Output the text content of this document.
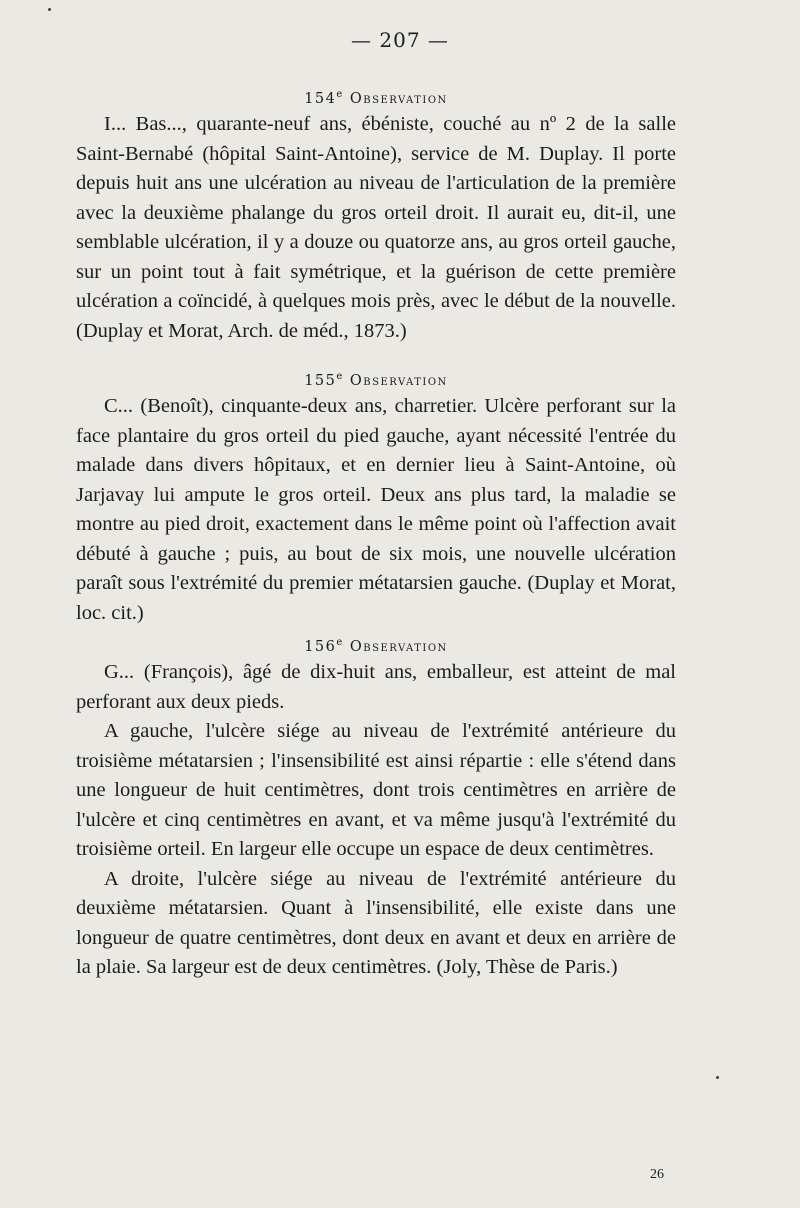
— 207 —
154e Observation

I... Bas..., quarante-neuf ans, ébéniste, couché au nº 2 de la salle Saint-Bernabé (hôpital Saint-Antoine), service de M. Duplay. Il porte depuis huit ans une ulcération au niveau de l'articulation de la première avec la deuxième phalange du gros orteil droit. Il aurait eu, dit-il, une semblable ulcération, il y a douze ou quatorze ans, au gros orteil gauche, sur un point tout à fait symétrique, et la guérison de cette première ulcération a coïncidé, à quelques mois près, avec le début de la nouvelle. (Duplay et Morat, Arch. de méd., 1873.)

155e Observation

C... (Benoît), cinquante-deux ans, charretier. Ulcère perforant sur la face plantaire du gros orteil du pied gauche, ayant nécessité l'entrée du malade dans divers hôpitaux, et en dernier lieu à Saint-Antoine, où Jarjavay lui ampute le gros orteil. Deux ans plus tard, la maladie se montre au pied droit, exactement dans le même point où l'affection avait débuté à gauche ; puis, au bout de six mois, une nouvelle ulcération paraît sous l'extrémité du premier métatarsien gauche. (Duplay et Morat, loc. cit.)

156e Observation

G... (François), âgé de dix-huit ans, emballeur, est atteint de mal perforant aux deux pieds.

A gauche, l'ulcère siége au niveau de l'extrémité antérieure du troisième métatarsien ; l'insensibilité est ainsi répartie : elle s'étend dans une longueur de huit centimètres, dont trois centimètres en arrière de l'ulcère et cinq centimètres en avant, et va même jusqu'à l'extrémité du troisième orteil. En largeur elle occupe un espace de deux centimètres.

A droite, l'ulcère siége au niveau de l'extrémité antérieure du deuxième métatarsien. Quant à l'insensibilité, elle existe dans une longueur de quatre centimètres, dont deux en avant et deux en arrière de la plaie. Sa largeur est de deux centimètres. (Joly, Thèse de Paris.)

26
